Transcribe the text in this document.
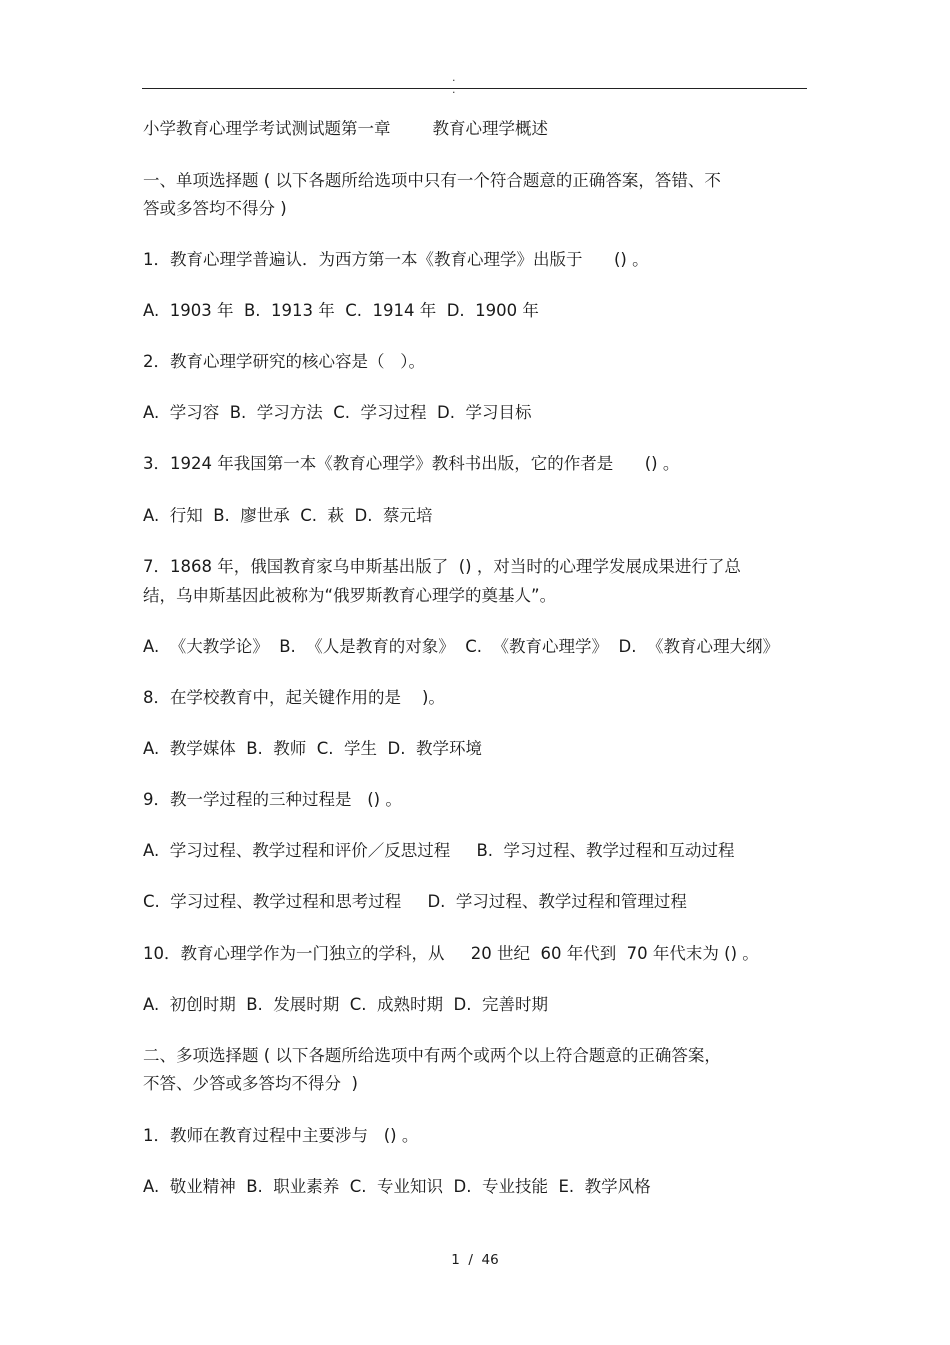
. .
小学教育心理学考试测试题第一章        教育心理学概述
一、单项选择题 ( 以下各题所给选项中只有一个符合题意的正确答案，答错、不
答或多答均不得分 )
1．教育心理学普遍认．为西方第一本《教育心理学》出版于      () 。
A.  1903 年  B.  1913 年  C.  1914 年  D.  1900 年
2．教育心理学研究的核心容是（   ）。
A.  学习容  B.  学习方法  C.  学习过程  D.  学习目标
3．1924 年我国第一本《教育心理学》教科书出版，它的作者是      () 。
A.  行知  B.  廖世承  C.  萩  D.  蔡元培
7．1868 年，俄国教育家乌申斯基出版了  () ，对当时的心理学发展成果进行了总
结，乌申斯基因此被称为“俄罗斯教育心理学的奠基人”。
A.  《大教学论》  B.  《人是教育的对象》  C.  《教育心理学》  D.  《教育心理大纲》
8．在学校教育中，起关键作用的是    )。
A.  教学媒体  B.  教师  C.  学生  D.  教学环境
9．教一学过程的三种过程是   () 。
A.  学习过程、教学过程和评价／反思过程     B.  学习过程、教学过程和互动过程
C.  学习过程、教学过程和思考过程     D.  学习过程、教学过程和管理过程
10．教育心理学作为一门独立的学科，从     20 世纪  60 年代到  70 年代末为 () 。
A.  初创时期  B.  发展时期  C.  成熟时期  D.  完善时期
二、多项选择题 ( 以下各题所给选项中有两个或两个以上符合题意的正确答案，
不答、少答或多答均不得分  )
1．教师在教育过程中主要涉与   () 。
A.  敬业精神  B.  职业素养  C.  专业知识  D.  专业技能  E.  教学风格
1  /  46
